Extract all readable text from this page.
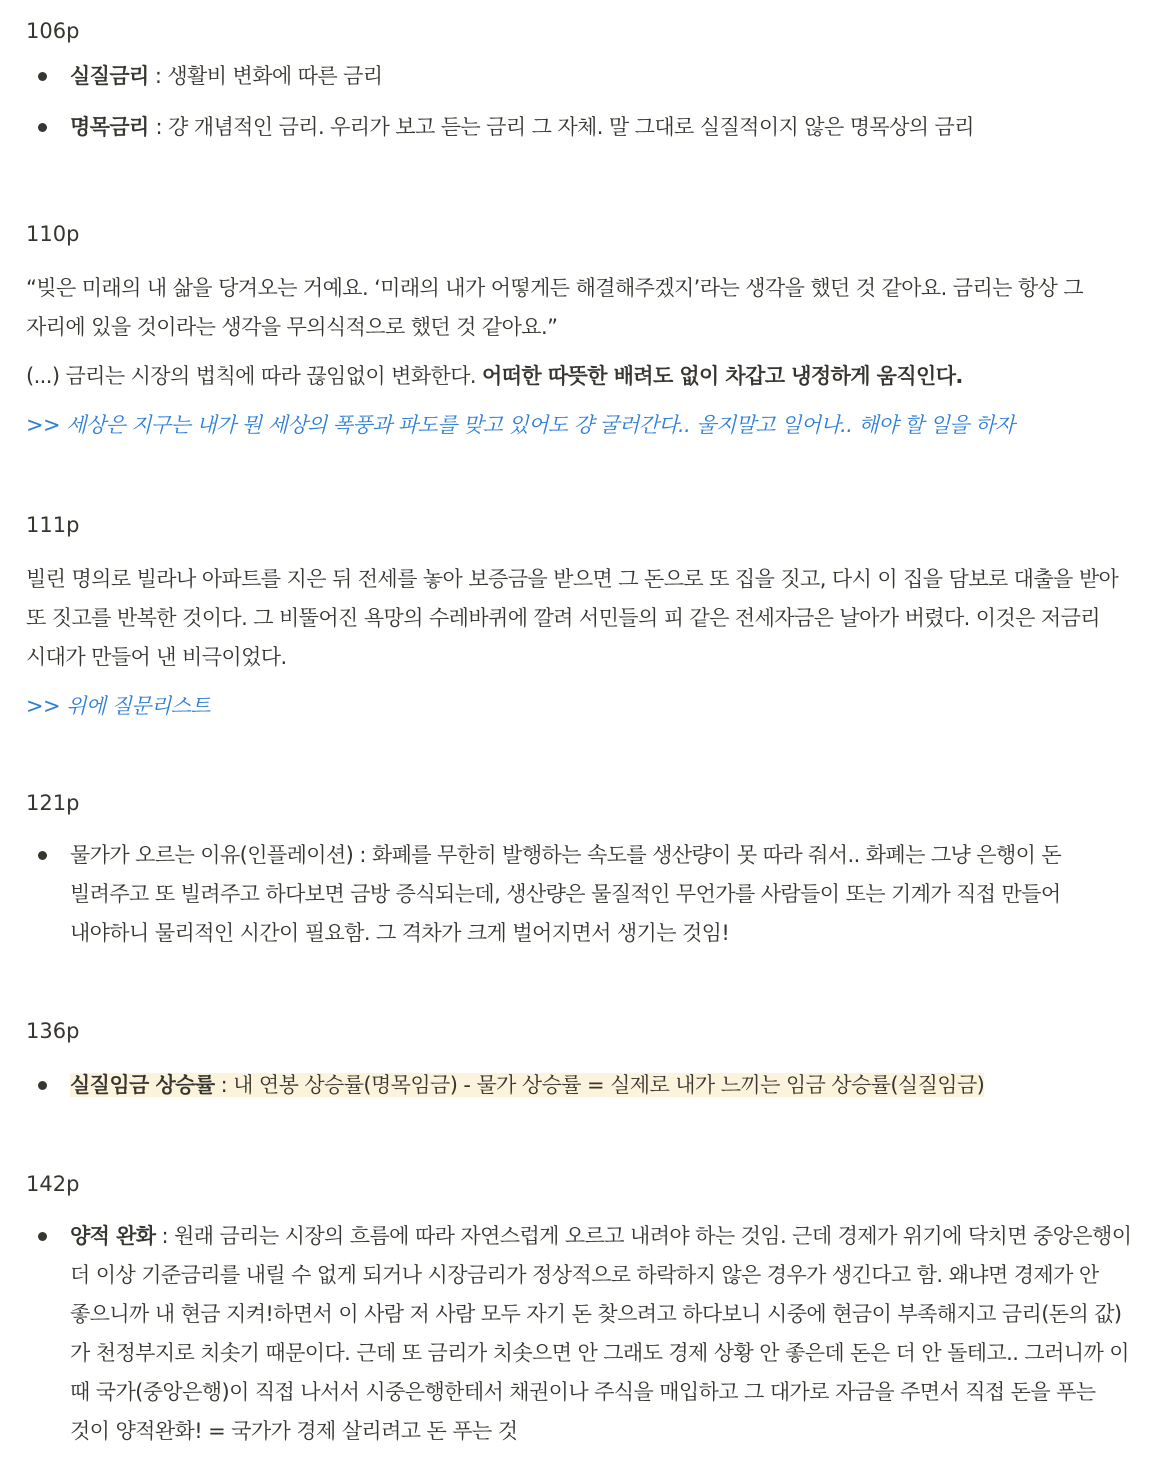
106p
실질금리 : 생활비 변화에 따른 금리
명목금리 : 걍 개념적인 금리. 우리가 보고 듣는 금리 그 자체. 말 그대로 실질적이지 않은 명목상의 금리
110p

“빚은 미래의 내 삶을 당겨오는 거예요. ‘미래의 내가 어떻게든 해결해주겠지’라는 생각을 했던 것 같아요. 금리는 항상 그 자리에 있을 것이라는 생각을 무의식적으로 했던 것 같아요.”

(...) 금리는 시장의 법칙에 따라 끊임없이 변화한다. 어떠한 따뜻한 배려도 없이 차갑고 냉정하게 움직인다.

>> 세상은 지구는 내가 뭔 세상의 폭풍과 파도를 맞고 있어도 걍 굴러간다.. 울지말고 일어나.. 해야 할 일을 하자

111p

빌린 명의로 빌라나 아파트를 지은 뒤 전세를 놓아 보증금을 받으면 그 돈으로 또 집을 짓고, 다시 이 집을 담보로 대출을 받아 또 짓고를 반복한 것이다. 그 비뚤어진 욕망의 수레바퀴에 깔려 서민들의 피 같은 전세자금은 날아가 버렸다. 이것은 저금리 시대가 만들어 낸 비극이었다.

>> 위에 질문리스트

121p
물가가 오르는 이유(인플레이션) : 화폐를 무한히 발행하는 속도를 생산량이 못 따라 줘서.. 화폐는 그냥 은행이 돈 빌려주고 또 빌려주고 하다보면 금방 증식되는데, 생산량은 물질적인 무언가를 사람들이 또는 기계가 직접 만들어 내야하니 물리적인 시간이 필요함. 그 격차가 크게 벌어지면서 생기는 것임!
136p
실질임금 상승률 : 내 연봉 상승률(명목임금) - 물가 상승률 = 실제로 내가 느끼는 임금 상승률(실질임금)
142p
양적 완화 : 원래 금리는 시장의 흐름에 따라 자연스럽게 오르고 내려야 하는 것임. 근데 경제가 위기에 닥치면 중앙은행이 더 이상 기준금리를 내릴 수 없게 되거나 시장금리가 정상적으로 하락하지 않은 경우가 생긴다고 함. 왜냐면 경제가 안 좋으니까 내 현금 지켜!하면서 이 사람 저 사람 모두 자기 돈 찾으려고 하다보니 시중에 현금이 부족해지고 금리(돈의 값)가 천정부지로 치솟기 때문이다. 근데 또 금리가 치솟으면 안 그래도 경제 상황 안 좋은데 돈은 더 안 돌테고.. 그러니까 이 때 국가(중앙은행)이 직접 나서서 시중은행한테서 채권이나 주식을 매입하고 그 대가로 자금을 주면서 직접 돈을 푸는 것이 양적완화! = 국가가 경제 살리려고 돈 푸는 것
